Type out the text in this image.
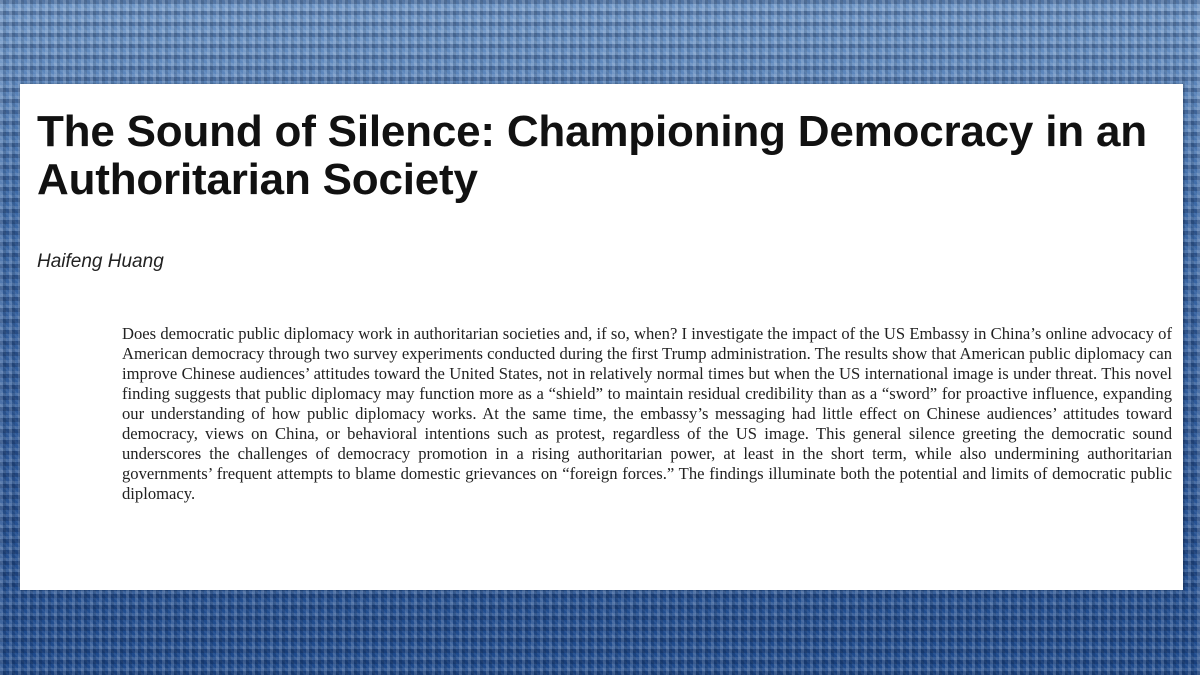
The Sound of Silence: Championing Democracy in an Authoritarian Society

Haifeng Huang

Does democratic public diplomacy work in authoritarian societies and, if so, when? I investigate the impact of the US Embassy in China’s online advocacy of American democracy through two survey experiments conducted during the first Trump administration. The results show that American public diplomacy can improve Chinese audiences’ attitudes toward the United States, not in relatively normal times but when the US international image is under threat. This novel finding suggests that public diplomacy may function more as a “shield” to maintain residual credibility than as a “sword” for proactive influence, expanding our understanding of how public diplomacy works. At the same time, the embassy’s messaging had little effect on Chinese audiences’ attitudes toward democracy, views on China, or behavioral intentions such as protest, regardless of the US image. This general silence greeting the democratic sound underscores the challenges of democracy promotion in a rising authoritarian power, at least in the short term, while also undermining authoritarian governments’ frequent attempts to blame domestic grievances on “foreign forces.” The findings illuminate both the potential and limits of democratic public diplomacy.
